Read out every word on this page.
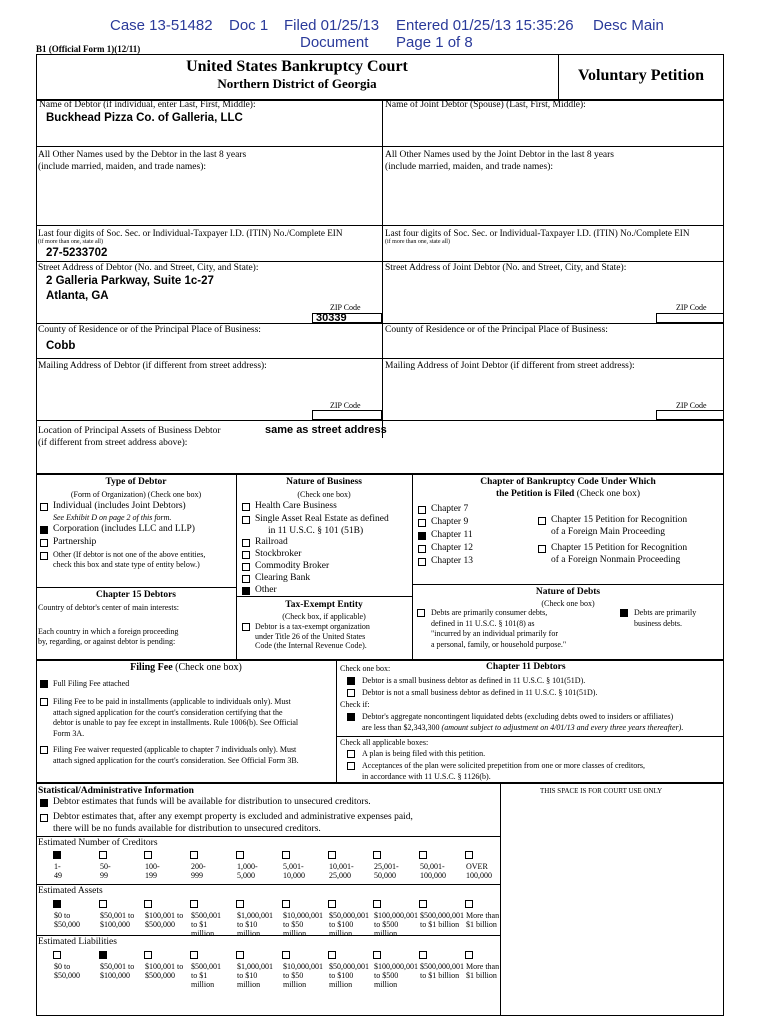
Case 13-51482 Doc 1 Filed 01/25/13 Entered 01/25/13 15:35:26 Desc Main
Document Page 1 of 8
B1 (Official Form 1)(12/11)
United States Bankruptcy Court
Northern District of Georgia	Voluntary Petition
Name of Debtor (if individual, enter Last, First, Middle):
Buckhead Pizza Co. of Galleria, LLC
Name of Joint Debtor (Spouse) (Last, First, Middle):
All Other Names used by the Debtor in the last 8 years
(include married, maiden, and trade names):
All Other Names used by the Joint Debtor in the last 8 years
(include married, maiden, and trade names):
Last four digits of Soc. Sec. or Individual-Taxpayer I.D. (ITIN) No./Complete EIN
(if more than one, state all)
27-5233702
Last four digits of Soc. Sec. or Individual-Taxpayer I.D. (ITIN) No./Complete EIN
(if more than one, state all)
Street Address of Debtor (No. and Street, City, and State):
2 Galleria Parkway, Suite 1c-27
Atlanta, GA
Street Address of Joint Debtor (No. and Street, City, and State):
ZIP Code
30339
ZIP Code
County of Residence or of the Principal Place of Business:
Cobb
County of Residence or of the Principal Place of Business:
Mailing Address of Debtor (if different from street address):	Mailing Address of Joint Debtor (if different from street address):
ZIP Code	ZIP Code
Location of Principal Assets of Business Debtor
(if different from street address above):
same as street address
Type of Debtor
(Form of Organization) (Check one box)
Individual (includes Joint Debtors)
See Exhibit D on page 2 of this form.
Corporation (includes LLC and LLP)
Partnership
Other (If debtor is not one of the above entities,
check this box and state type of entity below.)
Chapter 15 Debtors
Country of debtor's center of main interests:
Each country in which a foreign proceeding
by, regarding, or against debtor is pending:
Nature of Business
(Check one box)
Health Care Business
Single Asset Real Estate as defined
in 11 U.S.C. § 101 (51B)
Railroad
Stockbroker
Commodity Broker
Clearing Bank
Other
Tax-Exempt Entity
(Check box, if applicable)
Debtor is a tax-exempt organization
under Title 26 of the United States
Code (the Internal Revenue Code).
Chapter of Bankruptcy Code Under Which
the Petition is Filed (Check one box)
Chapter 7
Chapter 9
Chapter 11
Chapter 12
Chapter 13
Chapter 15 Petition for Recognition
of a Foreign Main Proceeding
Chapter 15 Petition for Recognition
of a Foreign Nonmain Proceeding
Nature of Debts
(Check one box)
Debts are primarily consumer debts,
defined in 11 U.S.C. § 101(8) as
"incurred by an individual primarily for
a personal, family, or household purpose."
Debts are primarily
business debts.
Filing Fee (Check one box)
Full Filing Fee attached
Filing Fee to be paid in installments (applicable to individuals only). Must
attach signed application for the court's consideration certifying that the
debtor is unable to pay fee except in installments. Rule 1006(b). See Official
Form 3A.
Filing Fee waiver requested (applicable to chapter 7 individuals only). Must
attach signed application for the court's consideration. See Official Form 3B.
Check one box:	Chapter 11 Debtors
Debtor is a small business debtor as defined in 11 U.S.C. § 101(51D).
Debtor is not a small business debtor as defined in 11 U.S.C. § 101(51D).
Check if:
Debtor's aggregate noncontingent liquidated debts (excluding debts owed to insiders or affiliates)
are less than $2,343,300 (amount subject to adjustment on 4/01/13 and every three years thereafter).
Check all applicable boxes:
A plan is being filed with this petition.
Acceptances of the plan were solicited prepetition from one or more classes of creditors,
in accordance with 11 U.S.C. § 1126(b).
Statistical/Administrative Information	THIS SPACE IS FOR COURT USE ONLY
Debtor estimates that funds will be available for distribution to unsecured creditors.
Debtor estimates that, after any exempt property is excluded and administrative expenses paid,
there will be no funds available for distribution to unsecured creditors.
Estimated Number of Creditors
1-
49
50-
99
100-
199
200-
999
1,000-
5,000
5,001-
10,000
10,001-
25,000
25,001-
50,000
50,001-
100,000
OVER
100,000
Estimated Assets
$0 to
$50,000
$50,001 to
$100,000
$100,001 to
$500,000
$500,001
to $1
million
$1,000,001
to $10
million
$10,000,001
to $50
million
$50,000,001
to $100
million
$100,000,001
to $500
million
$500,000,001
to $1 billion
More than
$1 billion
Estimated Liabilities
$0 to
$50,000
$50,001 to
$100,000
$100,001 to
$500,000
$500,001
to $1
million
$1,000,001
to $10
million
$10,000,001
to $50
million
$50,000,001
to $100
million
$100,000,001
to $500
million
$500,000,001
to $1 billion
More than
$1 billion
